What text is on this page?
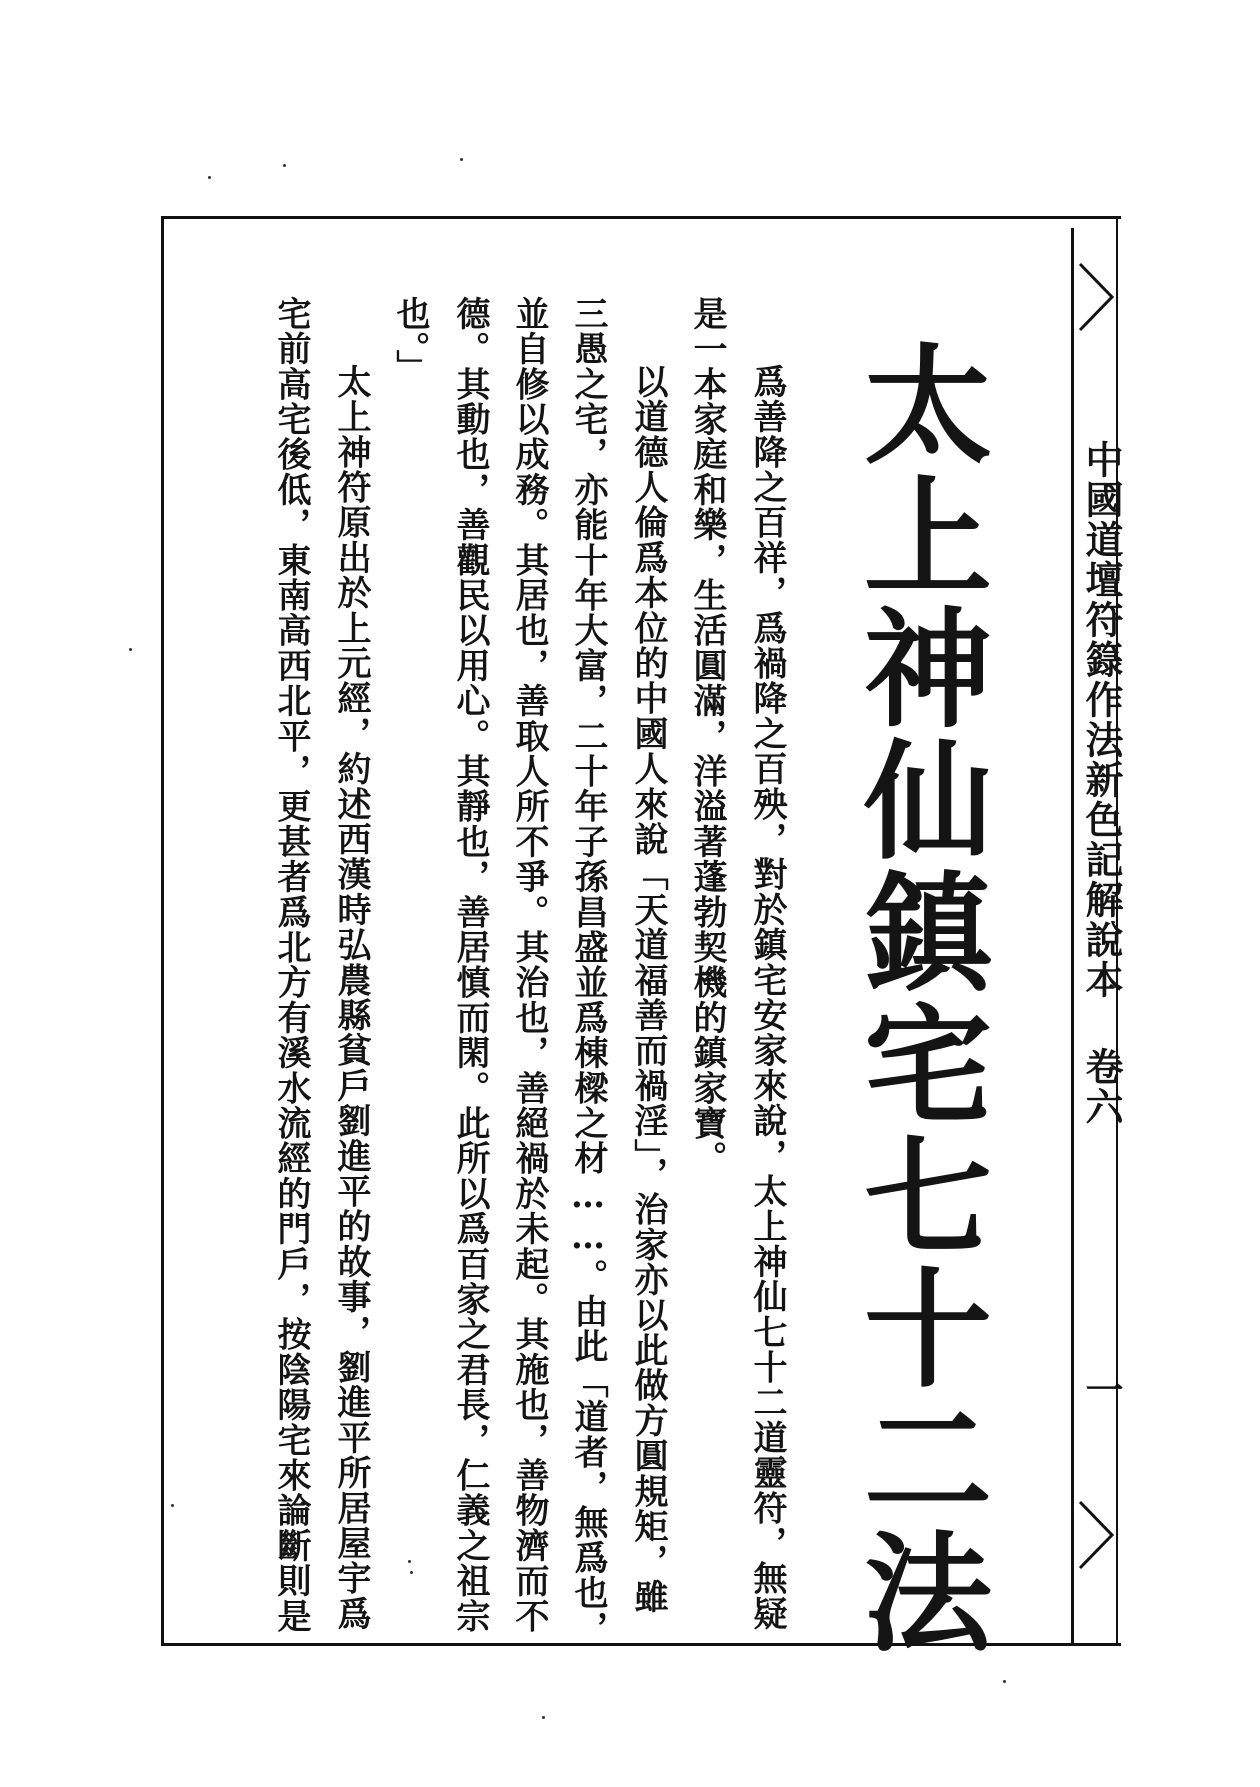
中國道壇符籙作法新色記解說本 卷六
一
太上神仙鎮宅七十二法
爲善降之百祥，爲禍降之百殃，對於鎮宅安家來說，太上神仙七十二道靈符，無疑
是一本家庭和樂，生活圓滿，洋溢著蓬勃契機的鎮家寶。
以道德人倫爲本位的中國人來說「天道福善而禍淫」，治家亦以此做方圓規矩，雖
三愚之宅，亦能十年大富，二十年子孫昌盛並爲棟樑之材……。由此「道者，無爲也，
並自修以成務。其居也，善取人所不爭。其治也，善絕禍於未起。其施也，善物濟而不
德。其動也，善觀民以用心。其靜也，善居慎而閑。此所以爲百家之君長，仁義之祖宗
也。」
太上神符原出於上元經，約述西漢時弘農縣貧戶劉進平的故事，劉進平所居屋宇爲
宅前高宅後低，東南高西北平，更甚者爲北方有溪水流經的門戶，按陰陽宅來論斷則是
